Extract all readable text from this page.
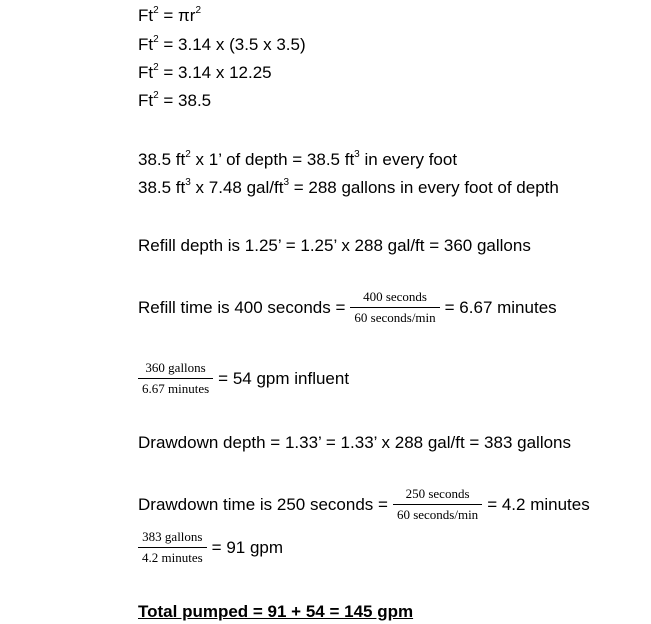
$Ft^2 = \pi r^2$
$Ft^2 = 3.14$ x (3.5 x 3.5)
$Ft^2 = 3.14$ x 12.25
$Ft^2 = 38.5$
38.5 $ft^2$ x 1’ of depth = 38.5 $ft^3$ in every foot
38.5 $ft^3$ x 7.48 gal/$ft^3 = 288$ gallons in every foot of depth
Refill depth is 1.25’ = 1.25’ x 288 gal/ft = 360 gallons
Refill time is 400 seconds = $\frac{\text{400 seconds}}{\text{60 seconds/min}} = 6.67$ minutes
$\frac{\text{360 gallons}}{\text{6.67 minutes}} = 54$ gpm influent
Drawdown depth = 1.33’ = 1.33’ x 288 gal/ft = 383 gallons
Drawdown time is 250 seconds = $\frac{\text{250 seconds}}{\text{60 seconds/min}} = 4.2$ minutes
$\frac{\text{383 gallons}}{\text{4.2 minutes}} = 91$ gpm
Total pumped = 91 + 54 = 145 gpm
